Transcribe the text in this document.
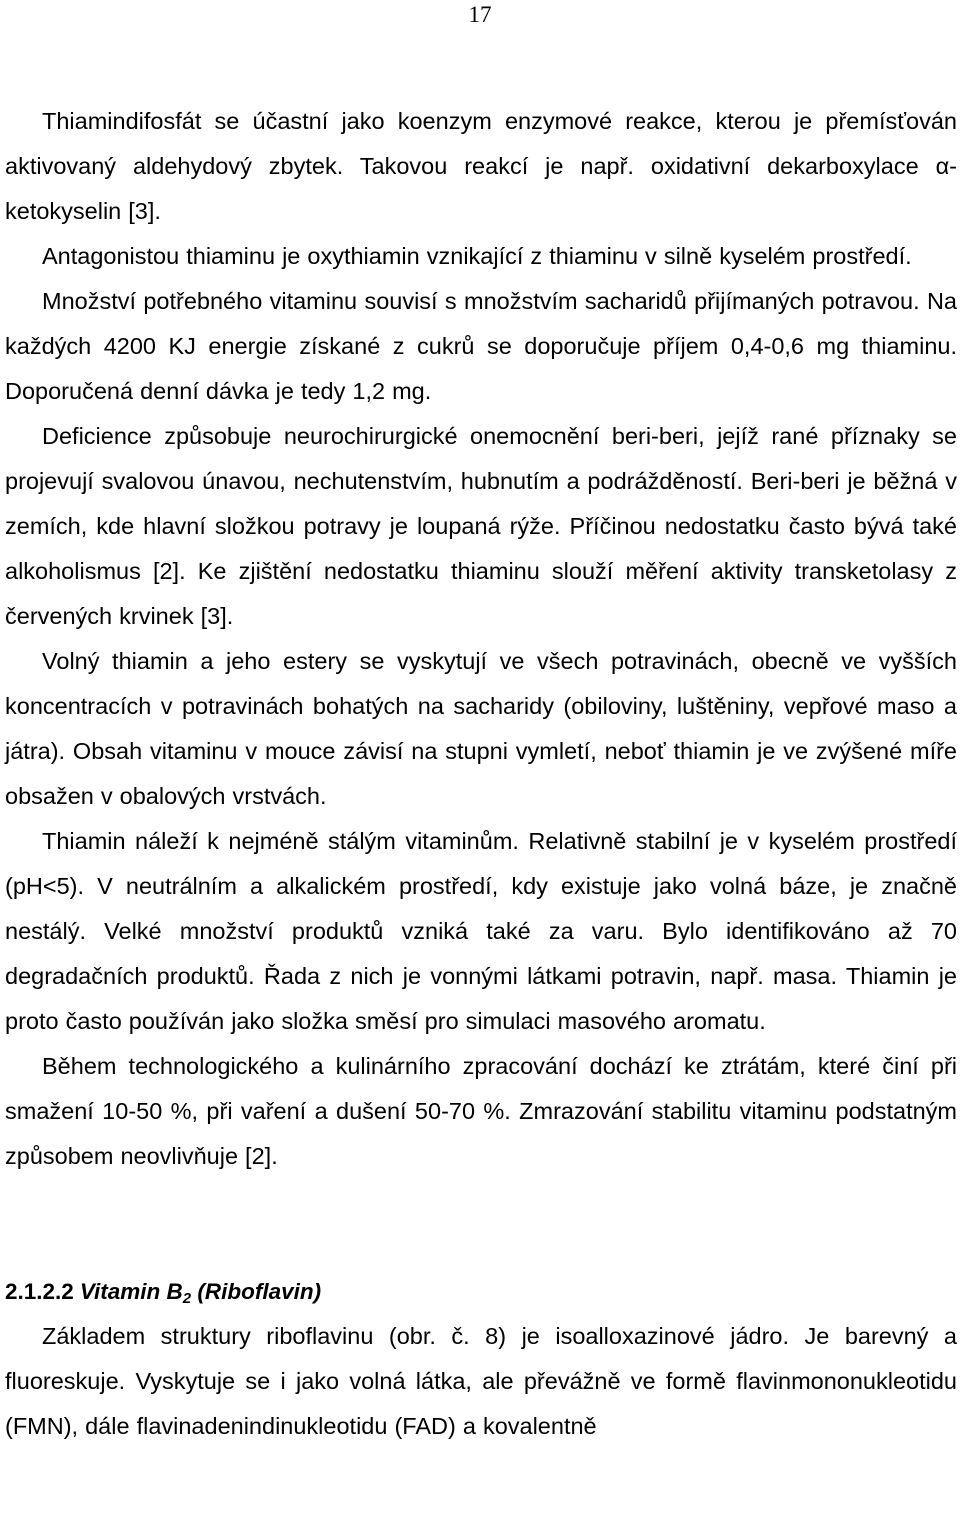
17

Thiamindifosfát se účastní jako koenzym enzymové reakce, kterou je přemísťován aktivovaný aldehydový zbytek. Takovou reakcí je např. oxidativní dekarboxylace α-ketokyselin [3].

Antagonistou thiaminu je oxythiamin vznikající z thiaminu v silně kyselém prostředí.

Množství potřebného vitaminu souvisí s množstvím sacharidů přijímaných potravou. Na každých 4200 KJ energie získané z cukrů se doporučuje příjem 0,4-0,6 mg thiaminu. Doporučená denní dávka je tedy 1,2 mg.

Deficience způsobuje neurochirurgické onemocnění beri-beri, jejíž rané příznaky se projevují svalovou únavou, nechutenstvím, hubnutím a podrážděností. Beri-beri je běžná v zemích, kde hlavní složkou potravy je loupaná rýže. Příčinou nedostatku často bývá také alkoholismus [2]. Ke zjištění nedostatku thiaminu slouží měření aktivity transketolasy z červených krvinek [3].

Volný thiamin a jeho estery se vyskytují ve všech potravinách, obecně ve vyšších koncentracích v potravinách bohatých na sacharidy (obiloviny, luštěniny, vepřové maso a játra). Obsah vitaminu v mouce závisí na stupni vymletí, neboť thiamin je ve zvýšené míře obsažen v obalových vrstvách.

Thiamin náleží k nejméně stálým vitaminům. Relativně stabilní je v kyselém prostředí (pH<5). V neutrálním a alkalickém prostředí, kdy existuje jako volná báze, je značně nestálý. Velké množství produktů vzniká také za varu. Bylo identifikováno až 70 degradačních produktů. Řada z nich je vonnými látkami potravin, např. masa. Thiamin je proto často používán jako složka směsí pro simulaci masového aromatu.

Během technologického a kulinárního zpracování dochází ke ztrátám, které činí při smažení 10-50 %, při vaření a dušení 50-70 %. Zmrazování stabilitu vitaminu podstatným způsobem neovlivňuje [2].

2.1.2.2 Vitamin $B_2$ (Riboflavin)

Základem struktury riboflavinu (obr. č. 8) je isoalloxazinové jádro. Je barevný a fluoreskuje. Vyskytuje se i jako volná látka, ale převážně ve formě flavinmononukleotidu (FMN), dále flavinadenindinukleotidu (FAD) a kovalentně
